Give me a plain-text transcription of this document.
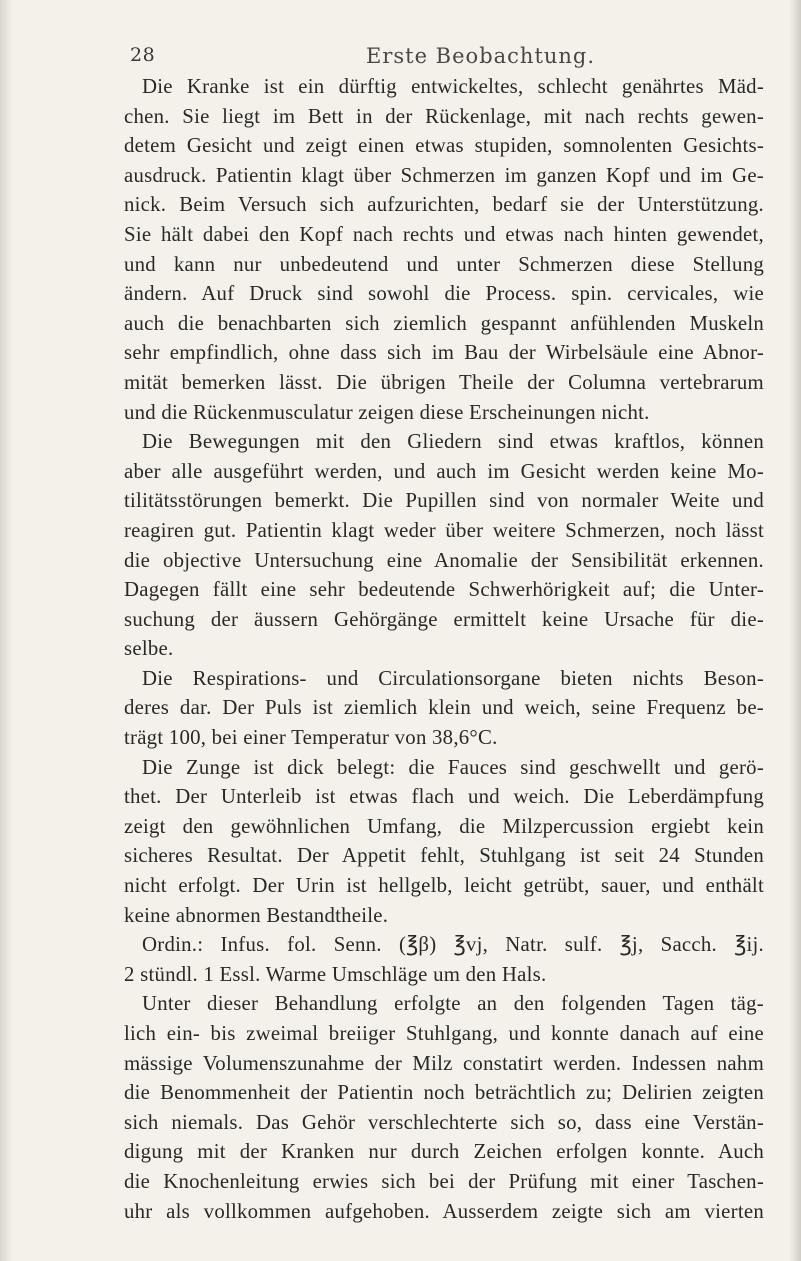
28	Erste Beobachtung.
Die Kranke ist ein dürftig entwickeltes, schlecht genährtes Mäd-
chen. Sie liegt im Bett in der Rückenlage, mit nach rechts gewen-
detem Gesicht und zeigt einen etwas stupiden, somnolenten Gesichts-
ausdruck. Patientin klagt über Schmerzen im ganzen Kopf und im Ge-
nick. Beim Versuch sich aufzurichten, bedarf sie der Unterstützung.
Sie hält dabei den Kopf nach rechts und etwas nach hinten gewendet,
und kann nur unbedeutend und unter Schmerzen diese Stellung
ändern. Auf Druck sind sowohl die Process. spin. cervicales, wie
auch die benachbarten sich ziemlich gespannt anfühlenden Muskeln
sehr empfindlich, ohne dass sich im Bau der Wirbelsäule eine Abnor-
mität bemerken lässt. Die übrigen Theile der Columna vertebrarum
und die Rückenmusculatur zeigen diese Erscheinungen nicht.
Die Bewegungen mit den Gliedern sind etwas kraftlos, können
aber alle ausgeführt werden, und auch im Gesicht werden keine Mo-
tilitätsstörungen bemerkt. Die Pupillen sind von normaler Weite und
reagiren gut. Patientin klagt weder über weitere Schmerzen, noch lässt
die objective Untersuchung eine Anomalie der Sensibilität erkennen.
Dagegen fällt eine sehr bedeutende Schwerhörigkeit auf; die Unter-
suchung der äussern Gehörgänge ermittelt keine Ursache für die-
selbe.
Die Respirations- und Circulationsorgane bieten nichts Beson-
deres dar. Der Puls ist ziemlich klein und weich, seine Frequenz be-
trägt 100, bei einer Temperatur von 38,6°C.
Die Zunge ist dick belegt: die Fauces sind geschwellt und gerö-
thet. Der Unterleib ist etwas flach und weich. Die Leberdämpfung
zeigt den gewöhnlichen Umfang, die Milzpercussion ergiebt kein
sicheres Resultat. Der Appetit fehlt, Stuhlgang ist seit 24 Stunden
nicht erfolgt. Der Urin ist hellgelb, leicht getrübt, sauer, und enthält
keine abnormen Bestandtheile.
Ordin.: Infus. fol. Senn. (℥β) ℥vj, Natr. sulf. ℥j, Sacch. ℥ij.
2 stündl. 1 Essl. Warme Umschläge um den Hals.
Unter dieser Behandlung erfolgte an den folgenden Tagen täg-
lich ein- bis zweimal breiiger Stuhlgang, und konnte danach auf eine
mässige Volumenszunahme der Milz constatirt werden. Indessen nahm
die Benommenheit der Patientin noch beträchtlich zu; Delirien zeigten
sich niemals. Das Gehör verschlechterte sich so, dass eine Verstän-
digung mit der Kranken nur durch Zeichen erfolgen konnte. Auch
die Knochenleitung erwies sich bei der Prüfung mit einer Taschen-
uhr als vollkommen aufgehoben. Ausserdem zeigte sich am vierten
